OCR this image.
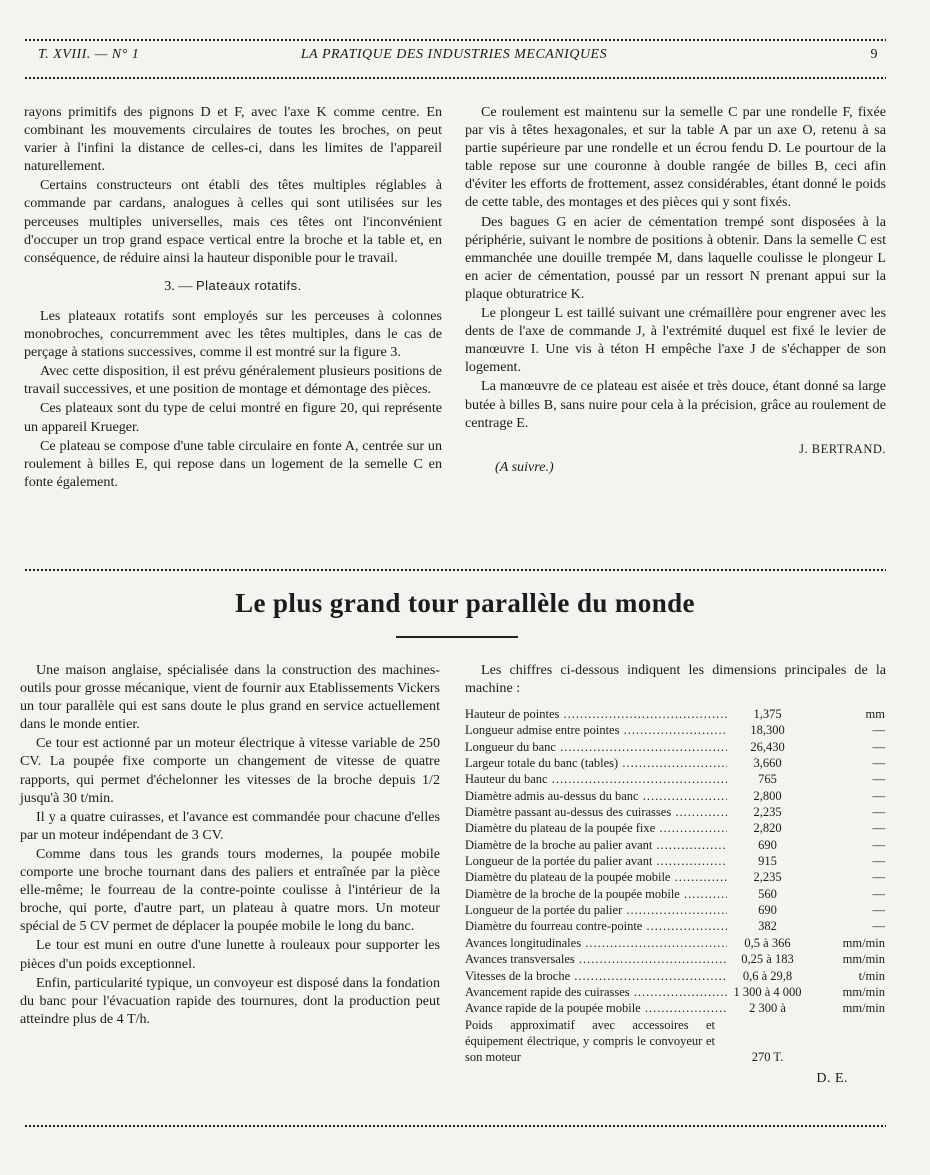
T. XVIII. — N° 1	LA PRATIQUE DES INDUSTRIES MECANIQUES	9

rayons primitifs des pignons D et F, avec l'axe K comme centre. En combinant les mouvements circulaires de toutes les broches, on peut varier à l'infini la distance de celles-ci, dans les limites de l'appareil naturellement.

Certains constructeurs ont établi des têtes multiples réglables à commande par cardans, analogues à celles qui sont utilisées sur les perceuses multiples universelles, mais ces têtes ont l'inconvénient d'occuper un trop grand espace vertical entre la broche et la table et, en conséquence, de réduire ainsi la hauteur disponible pour le travail.

3. — Plateaux rotatifs.

Les plateaux rotatifs sont employés sur les perceuses à colonnes monobroches, concurremment avec les têtes multiples, dans le cas de perçage à stations successives, comme il est montré sur la figure 3.

Avec cette disposition, il est prévu généralement plusieurs positions de travail successives, et une position de montage et démontage des pièces.

Ces plateaux sont du type de celui montré en figure 20, qui représente un appareil Krueger.

Ce plateau se compose d'une table circulaire en fonte A, centrée sur un roulement à billes E, qui repose dans un logement de la semelle C en fonte également.

Ce roulement est maintenu sur la semelle C par une rondelle F, fixée par vis à têtes hexagonales, et sur la table A par un axe O, retenu à sa partie supérieure par une rondelle et un écrou fendu D. Le pourtour de la table repose sur une couronne à double rangée de billes B, ceci afin d'éviter les efforts de frottement, assez considérables, étant donné le poids de cette table, des montages et des pièces qui y sont fixés.

Des bagues G en acier de cémentation trempé sont disposées à la périphérie, suivant le nombre de positions à obtenir. Dans la semelle C est emmanchée une douille trempée M, dans laquelle coulisse le plongeur L en acier de cémentation, poussé par un ressort N prenant appui sur la plaque obturatrice K.

Le plongeur L est taillé suivant une crémaillère pour engrener avec les dents de l'axe de commande J, à l'extrémité duquel est fixé le levier de manœuvre I. Une vis à téton H empêche l'axe J de s'échapper de son logement.

La manœuvre de ce plateau est aisée et très douce, étant donné sa large butée à billes B, sans nuire pour cela à la précision, grâce au roulement de centrage E.

J. BERTRAND.

(A suivre.)

Le plus grand tour parallèle du monde

Une maison anglaise, spécialisée dans la construction des machines-outils pour grosse mécanique, vient de fournir aux Etablissements Vickers un tour parallèle qui est sans doute le plus grand en service actuellement dans le monde entier.

Ce tour est actionné par un moteur électrique à vitesse variable de 250 CV. La poupée fixe comporte un changement de vitesse de quatre rapports, qui permet d'échelonner les vitesses de la broche depuis 1/2 jusqu'à 30 t/min.

Il y a quatre cuirasses, et l'avance est commandée pour chacune d'elles par un moteur indépendant de 3 CV.

Comme dans tous les grands tours modernes, la poupée mobile comporte une broche tournant dans des paliers et entraînée par la pièce elle-même; le fourreau de la contre-pointe coulisse à l'intérieur de la broche, qui porte, d'autre part, un plateau à quatre mors. Un moteur spécial de 5 CV permet de déplacer la poupée mobile le long du banc.

Le tour est muni en outre d'une lunette à rouleaux pour supporter les pièces d'un poids exceptionnel.

Enfin, particularité typique, un convoyeur est disposé dans la fondation du banc pour l'évacuation rapide des tournures, dont la production peut atteindre plus de 4 T/h.

Les chiffres ci-dessous indiquent les dimensions principales de la machine :

Hauteur de pointes .....	1,375	mm
Longueur admise entre pointes .....	18,300	—
Longueur du banc .....	26,430	—
Largeur totale du banc (tables) .....	3,660	—
Hauteur du banc .....	765	—
Diamètre admis au-dessus du banc .....	2,800	—
Diamètre passant au-dessus des cuirasses .....	2,235	—
Diamètre du plateau de la poupée fixe .....	2,820	—
Diamètre de la broche au palier avant .....	690	—
Longueur de la portée du palier avant .....	915	—
Diamètre du plateau de la poupée mobile .....	2,235	—
Diamètre de la broche de la poupée mobile .....	560	—
Longueur de la portée du palier .....	690	—
Diamètre du fourreau contre-pointe .....	382	—
Avances longitudinales .....	0,5 à 366	mm/min
Avances transversales .....	0,25 à 183	mm/min
Vitesses de la broche .....	0,6 à 29,8	t/min
Avancement rapide des cuirasses .....	1 300 à 4 000	mm/min
Avance rapide de la poupée mobile .....	2 300 à	mm/min
Poids approximatif avec accessoires et équipement électrique, y compris le convoyeur et son moteur	270 T.
D. E.
